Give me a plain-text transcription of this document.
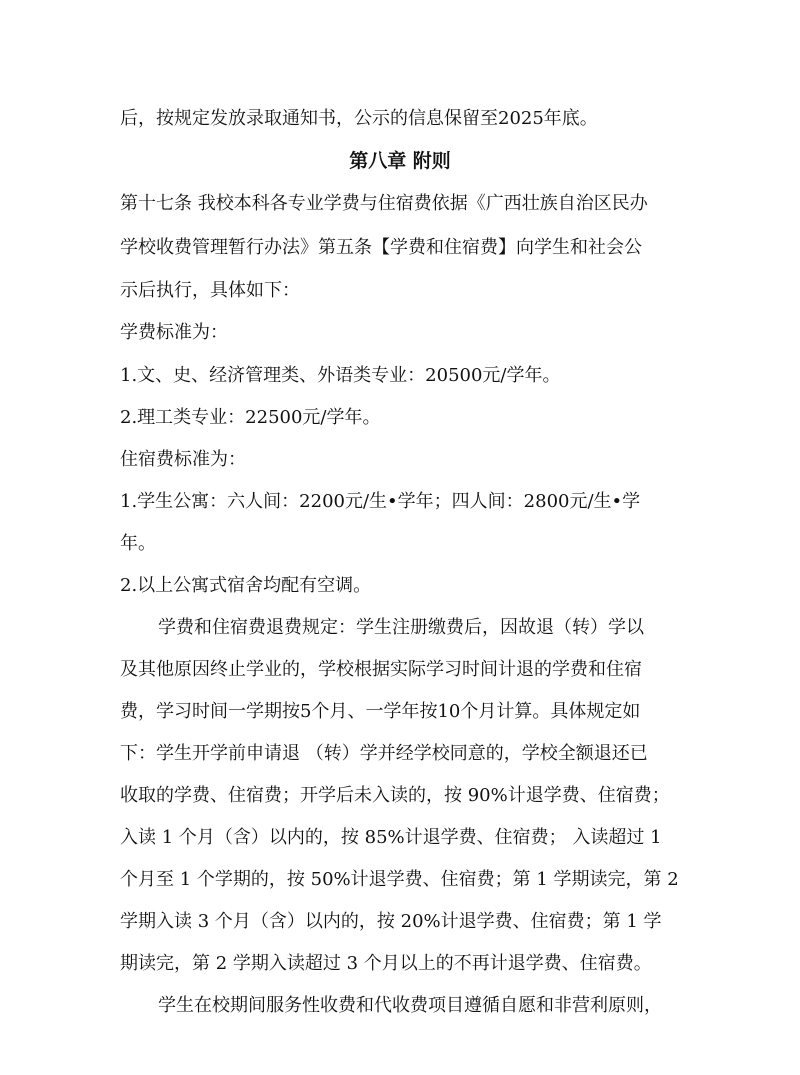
后，按规定发放录取通知书，公示的信息保留至2025年底。
第八章 附则
第十七条 我校本科各专业学费与住宿费依据《广西壮族自治区民办
学校收费管理暂行办法》第五条【学费和住宿费】向学生和社会公
示后执行，具体如下：
学费标准为：
1.文、史、经济管理类、外语类专业：20500元/学年。
2.理工类专业：22500元/学年。
住宿费标准为：
1.学生公寓：六人间：2200元/生•学年；四人间：2800元/生•学
年。
2.以上公寓式宿舍均配有空调。
学费和住宿费退费规定：学生注册缴费后，因故退（转）学以
及其他原因终止学业的，学校根据实际学习时间计退的学费和住宿
费，学习时间一学期按5个月、一学年按10个月计算。具体规定如
下：学生开学前申请退 （转）学并经学校同意的，学校全额退还已
收取的学费、住宿费；开学后未入读的，按 90%计退学费、住宿费；
入读 1 个月（含）以内的，按 85%计退学费、住宿费； 入读超过 1
个月至 1 个学期的，按 50%计退学费、住宿费；第 1 学期读完，第 2
学期入读 3 个月（含）以内的，按 20%计退学费、住宿费；第 1 学
期读完，第 2 学期入读超过 3 个月以上的不再计退学费、住宿费。
学生在校期间服务性收费和代收费项目遵循自愿和非营利原则，
